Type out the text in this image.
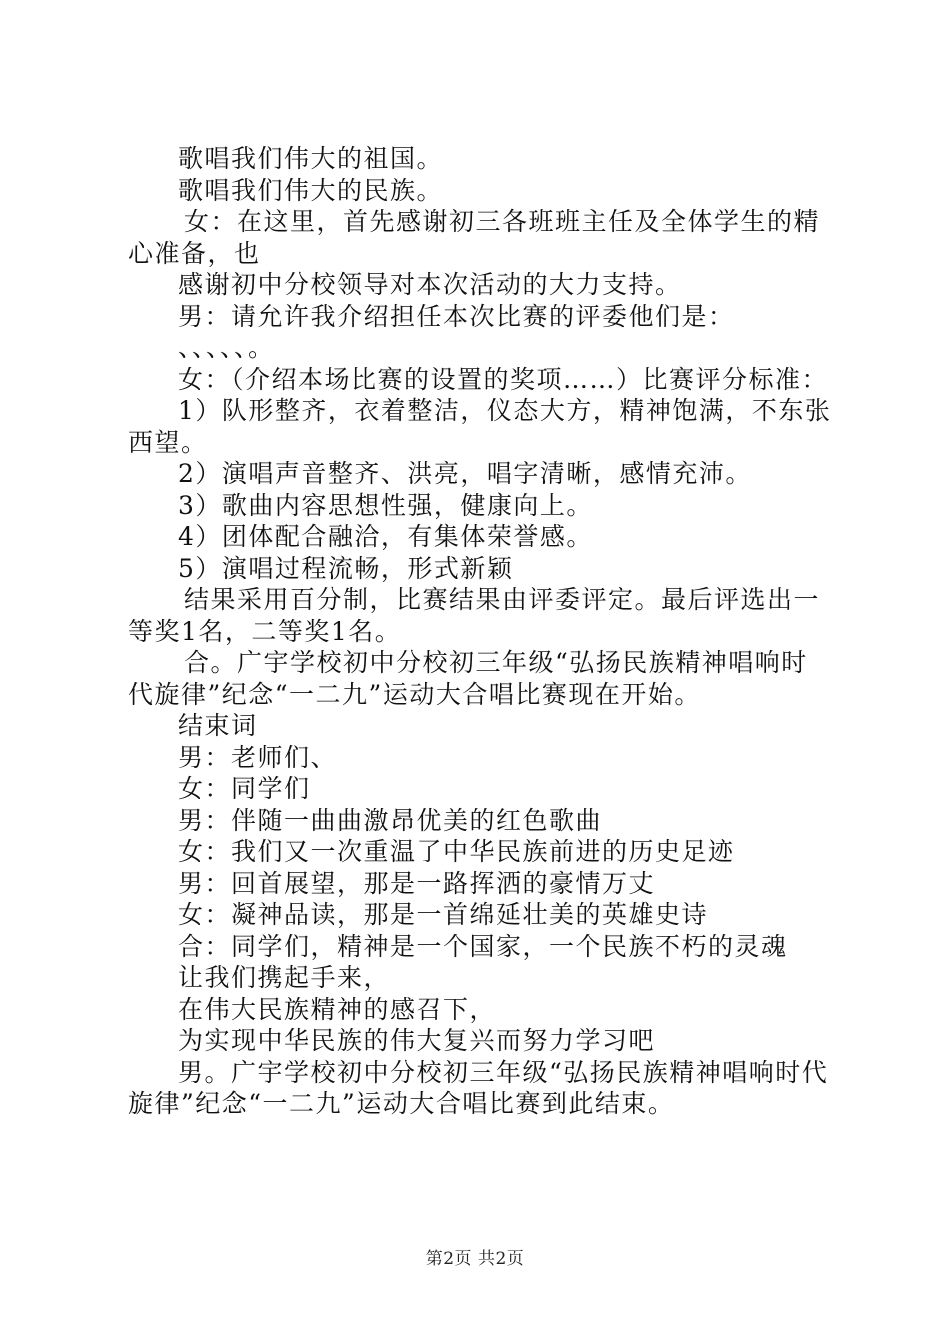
歌唱我们伟大的祖国。

歌唱我们伟大的民族。

女：在这里，首先感谢初三各班班主任及全体学生的精心准备，也

感谢初中分校领导对本次活动的大力支持。

男：请允许我介绍担任本次比赛的评委他们是：

、、、、、。

女：（介绍本场比赛的设置的奖项……）比赛评分标准：

1）队形整齐，衣着整洁，仪态大方，精神饱满，不东张西望。

2）演唱声音整齐、洪亮，唱字清晰，感情充沛。

3）歌曲内容思想性强，健康向上。

4）团体配合融洽，有集体荣誉感。

5）演唱过程流畅，形式新颖

结果采用百分制，比赛结果由评委评定。最后评选出一等奖1名，二等奖1名。

合。广宇学校初中分校初三年级“弘扬民族精神唱响时代旋律”纪念“一二九”运动大合唱比赛现在开始。

结束词

男：老师们、

女：同学们

男：伴随一曲曲激昂优美的红色歌曲

女：我们又一次重温了中华民族前进的历史足迹

男：回首展望，那是一路挥洒的豪情万丈

女：凝神品读，那是一首绵延壮美的英雄史诗

合：同学们，精神是一个国家，一个民族不朽的灵魂

让我们携起手来，

在伟大民族精神的感召下，

为实现中华民族的伟大复兴而努力学习吧

男。广宇学校初中分校初三年级“弘扬民族精神唱响时代旋律”纪念“一二九”运动大合唱比赛到此结束。

第2页 共2页
